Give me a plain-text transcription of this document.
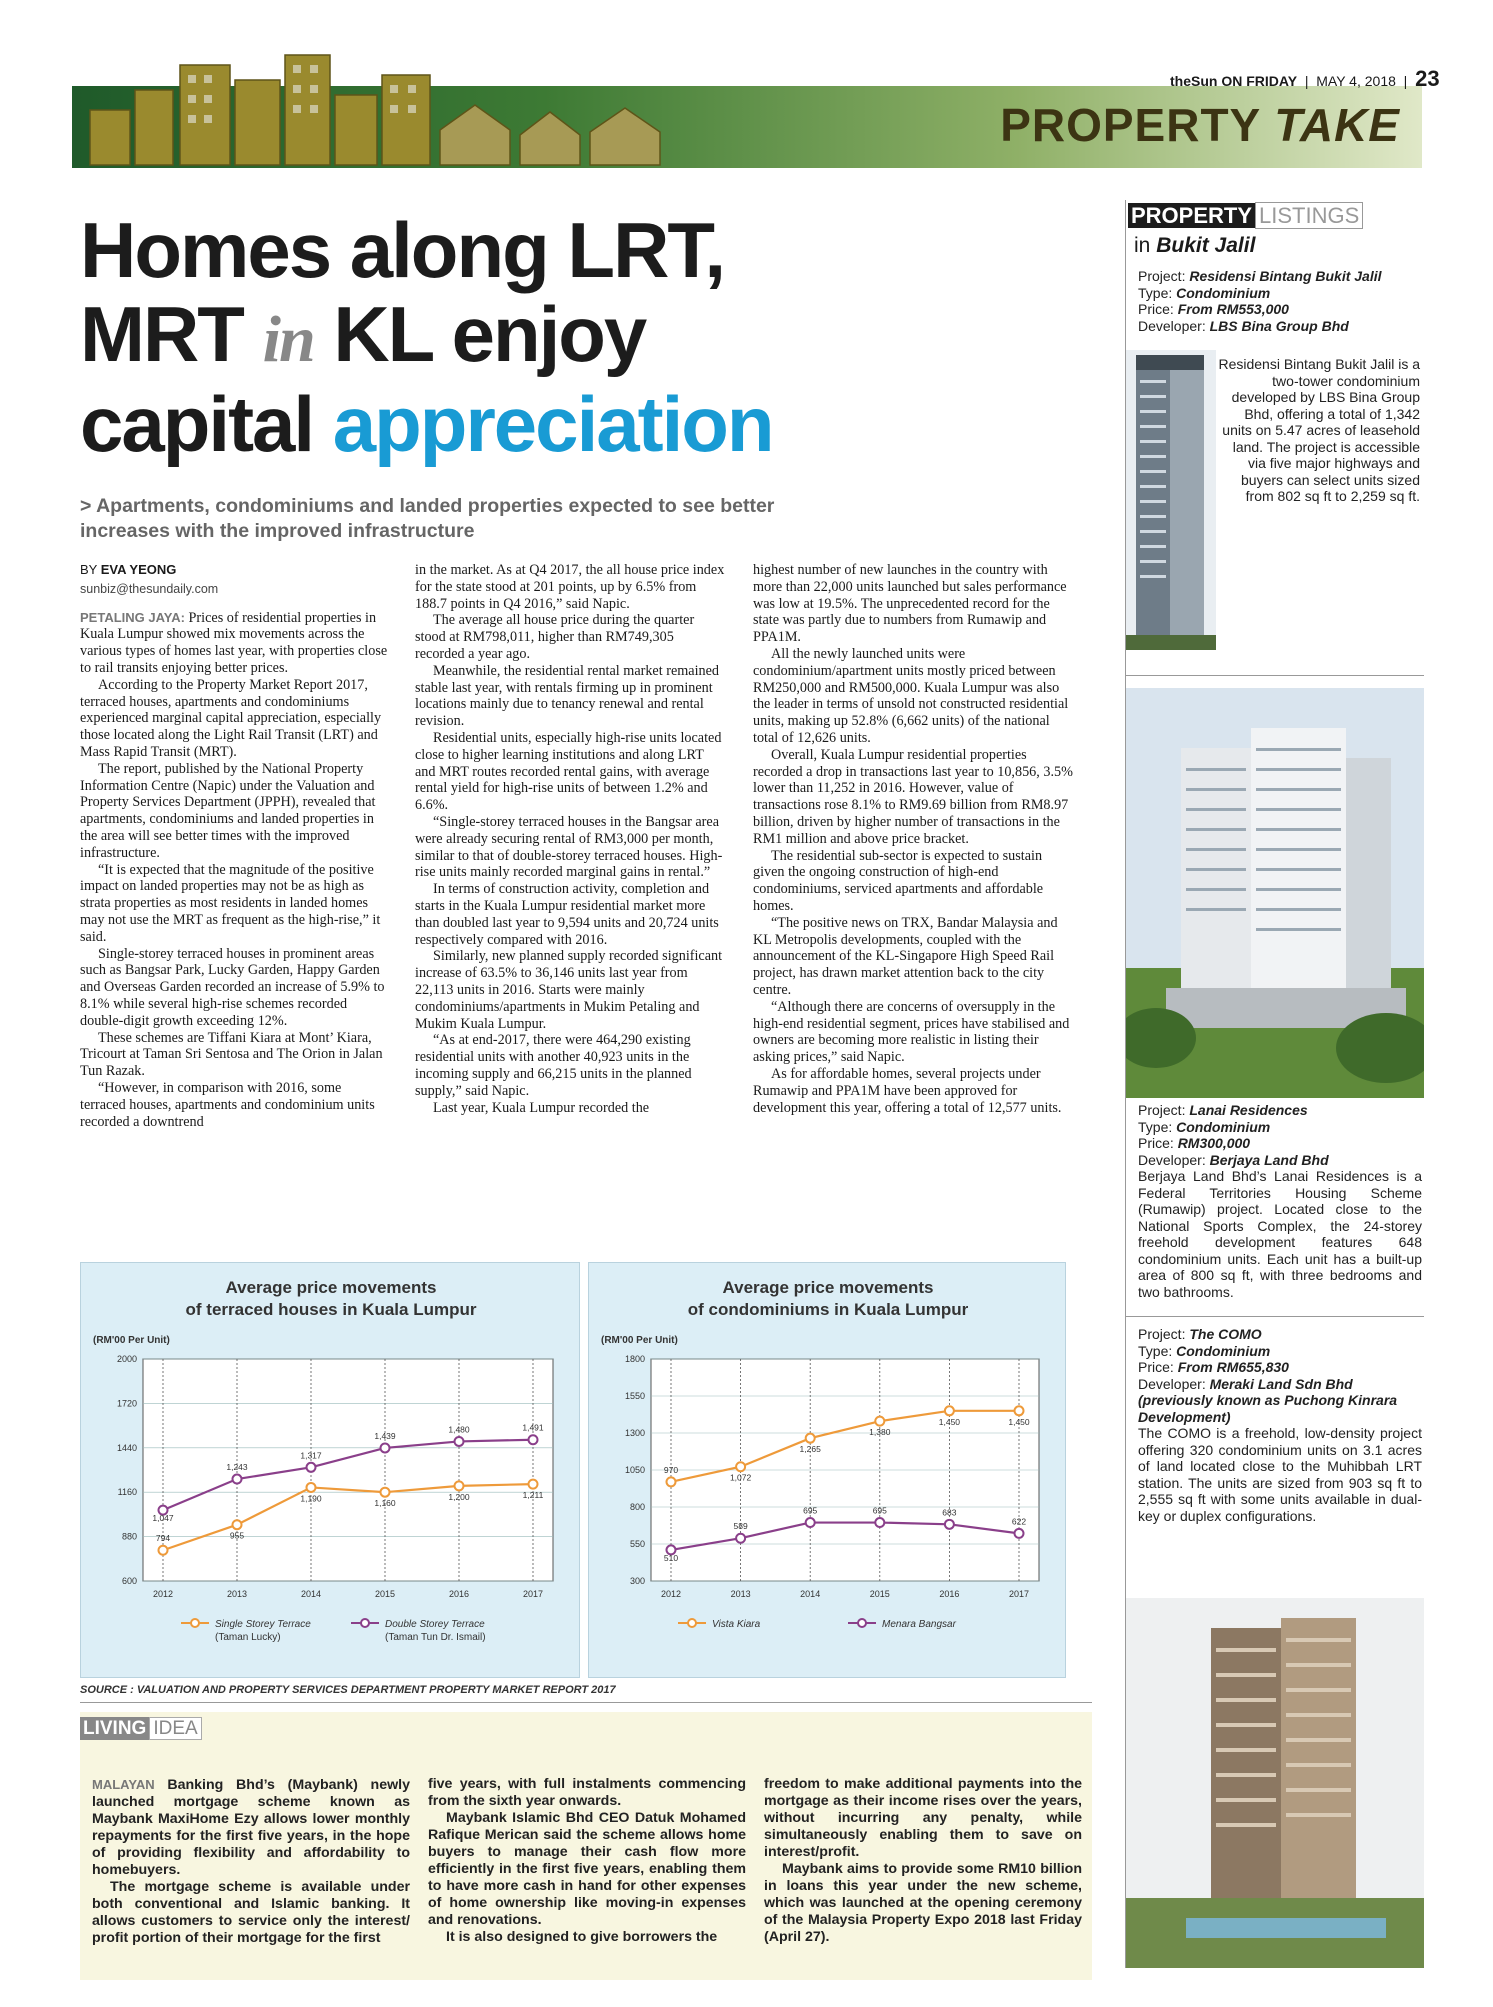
theSun ON FRIDAY  |  MAY 4, 2018  |  23
PROPERTY TAKE
Homes along LRT,
MRT in KL enjoy
capital appreciation
> Apartments, condominiums and landed properties expected to see better increases with the improved infrastructure
BY EVA YEONG
sunbiz@thesundaily.com

PETALING JAYA: Prices of residential properties in Kuala Lumpur showed mix movements across the various types of homes last year, with properties close to rail transits enjoying better prices.

According to the Property Market Report 2017, terraced houses, apartments and condominiums experienced marginal capital appreciation, especially those located along the Light Rail Transit (LRT) and Mass Rapid Transit (MRT).

The report, published by the National Property Information Centre (Napic) under the Valuation and Property Services Department (JPPH), revealed that apartments, condominiums and landed properties in the area will see better times with the improved infrastructure.

“It is expected that the magnitude of the positive impact on landed properties may not be as high as strata properties as most residents in landed homes may not use the MRT as frequent as the high-rise,” it said.

Single-storey terraced houses in prominent areas such as Bangsar Park, Lucky Garden, Happy Garden and Overseas Garden recorded an increase of 5.9% to 8.1% while several high-rise schemes recorded double-digit growth exceeding 12%.

These schemes are Tiffani Kiara at Mont’ Kiara, Tricourt at Taman Sri Sentosa and The Orion in Jalan Tun Razak.

“However, in comparison with 2016, some terraced houses, apartments and condominium units recorded a downtrend

in the market. As at Q4 2017, the all house price index for the state stood at 201 points, up by 6.5% from 188.7 points in Q4 2016,” said Napic.

The average all house price during the quarter stood at RM798,011, higher than RM749,305 recorded a year ago.

Meanwhile, the residential rental market remained stable last year, with rentals firming up in prominent locations mainly due to tenancy renewal and rental revision.

Residential units, especially high-rise units located close to higher learning institutions and along LRT and MRT routes recorded rental gains, with average rental yield for high-rise units of between 1.2% and 6.6%.

“Single-storey terraced houses in the Bangsar area were already securing rental of RM3,000 per month, similar to that of double-storey terraced houses. High-rise units mainly recorded marginal gains in rental.”

In terms of construction activity, completion and starts in the Kuala Lumpur residential market more than doubled last year to 9,594 units and 20,724 units respectively compared with 2016.

Similarly, new planned supply recorded significant increase of 63.5% to 36,146 units last year from 22,113 units in 2016. Starts were mainly condominiums/apartments in Mukim Petaling and Mukim Kuala Lumpur.

“As at end-2017, there were 464,290 existing residential units with another 40,923 units in the incoming supply and 66,215 units in the planned supply,” said Napic.

Last year, Kuala Lumpur recorded the

highest number of new launches in the country with more than 22,000 units launched but sales performance was low at 19.5%. The unprecedented record for the state was partly due to numbers from Rumawip and PPA1M.

All the newly launched units were condominium/apartment units mostly priced between RM250,000 and RM500,000. Kuala Lumpur was also the leader in terms of unsold not constructed residential units, making up 52.8% (6,662 units) of the national total of 12,626 units.

Overall, Kuala Lumpur residential properties recorded a drop in transactions last year to 10,856, 3.5% lower than 11,252 in 2016. However, value of transactions rose 8.1% to RM9.69 billion from RM8.97 billion, driven by higher number of transactions in the RM1 million and above price bracket.

The residential sub-sector is expected to sustain given the ongoing construction of high-end condominiums, serviced apartments and affordable homes.

“The positive news on TRX, Bandar Malaysia and KL Metropolis developments, coupled with the announcement of the KL-Singapore High Speed Rail project, has drawn market attention back to the city centre.

“Although there are concerns of oversupply in the high-end residential segment, prices have stabilised and owners are becoming more realistic in listing their asking prices,” said Napic.

As for affordable homes, several projects under Rumawip and PPA1M have been approved for development this year, offering a total of 12,577 units.

Average price movements
of terraced houses in Kuala Lumpur
(RM'00 Per Unit)
600
880
1160
1440
1720
2000
2012	2013	2014	2015	2016	2017
794	955
1,190	1,160
1,200	1,211
Single Storey Terrace
(Taman Lucky)
1,047
1,243
1,317
1,439
1,480	1,491
Double Storey Terrace
(Taman Tun Dr. Ismail)
Average price movements
of condominiums in Kuala Lumpur
(RM'00 Per Unit)
300
550
800
1050
1300
1550
1800
2012	2013	2014	2015	2016	2017
970
1,072
1,265
1,380
1,450	1,450
Vista Kiara
510
589
695	695	683
622
Menara Bangsar
SOURCE : VALUATION AND PROPERTY SERVICES DEPARTMENT PROPERTY MARKET REPORT 2017
LIVING IDEA

MALAYAN Banking Bhd’s (Maybank) newly launched mortgage scheme known as Maybank MaxiHome Ezy allows lower monthly repayments for the first five years, in the hope of providing flexibility and affordability to homebuyers.

The mortgage scheme is available under both conventional and Islamic banking. It allows customers to service only the interest/ profit portion of their mortgage for the first

five years, with full instalments commencing from the sixth year onwards.

Maybank Islamic Bhd CEO Datuk Mohamed Rafique Merican said the scheme allows home buyers to manage their cash flow more efficiently in the first five years, enabling them to have more cash in hand for other expenses of home ownership like moving-in expenses and renovations.

It is also designed to give borrowers the

freedom to make additional payments into the mortgage as their income rises over the years, without incurring any penalty, while simultaneously enabling them to save on interest/profit.

Maybank aims to provide some RM10 billion in loans this year under the new scheme, which was launched at the opening ceremony of the Malaysia Property Expo 2018 last Friday (April 27).

PROPERTY LISTINGS
in Bukit Jalil
Project: Residensi Bintang Bukit Jalil
Type: Condominium
Price: From RM553,000
Developer: LBS Bina Group Bhd
Residensi Bintang Bukit Jalil is a two-tower condominium developed by LBS Bina Group Bhd, offering a total of 1,342 units on 5.47 acres of leasehold land. The project is accessible via five major highways and buyers can select units sized from 802 sq ft to 2,259 sq ft.
Project: Lanai Residences
Type: Condominium
Price: RM300,000
Developer: Berjaya Land Bhd
Berjaya Land Bhd’s Lanai Residences is a Federal Territories Housing Scheme (Rumawip) project. Located close to the National Sports Complex, the 24-storey freehold development features 648 condominium units. Each unit has a built-up area of 800 sq ft, with three bedrooms and two bathrooms.
Project: The COMO
Type: Condominium
Price: From RM655,830
Developer: Meraki Land Sdn Bhd (previously known as Puchong Kinrara Development)
The COMO is a freehold, low-density project offering 320 condominium units on 3.1 acres of land located close to the Muhibbah LRT station. The units are sized from 903 sq ft to 2,555 sq ft with some units available in dual-key or duplex configurations.
